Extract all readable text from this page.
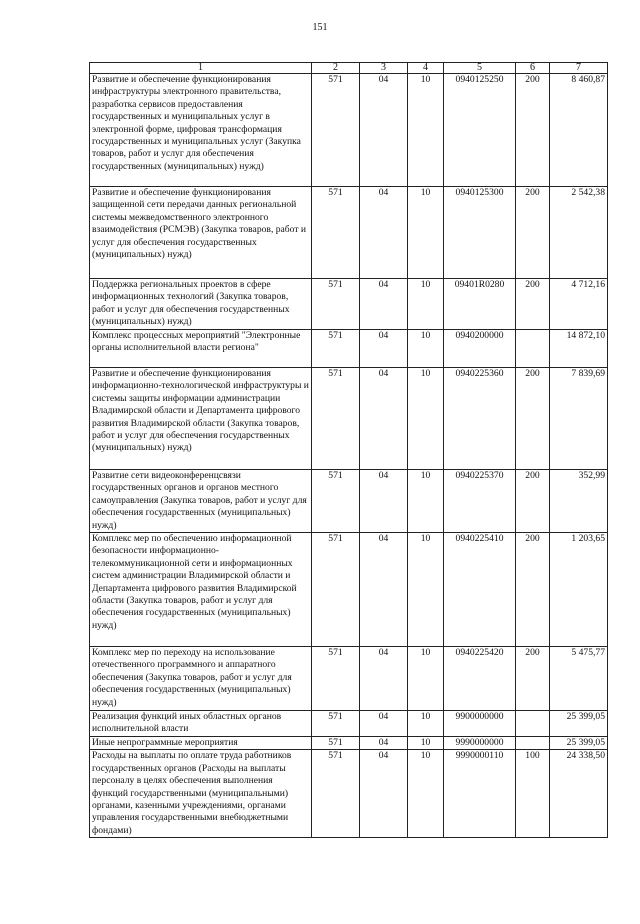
151
1	2	3	4	5	6	7
Развитие и обеспечение функционирования инфраструктуры электронного правительства, разработка сервисов предоставления государственных и муниципальных услуг в электронной форме, цифровая трансформация государственных и муниципальных услуг (Закупка товаров, работ и услуг для обеспечения государственных (муниципальных) нужд)	571	04	10	0940125250	200	8 460,87
Развитие и обеспечение функционирования защищенной сети передачи данных региональной системы межведомственного электронного взаимодействия (РСМЭВ) (Закупка товаров, работ и услуг для обеспечения государственных (муниципальных) нужд)	571	04	10	0940125300	200	2 542,38
Поддержка региональных проектов в сфере информационных технологий (Закупка товаров, работ и услуг для обеспечения государственных (муниципальных) нужд)	571	04	10	09401R0280	200	4 712,16
Комплекс процессных мероприятий "Электронные органы исполнительной власти региона"	571	04	10	0940200000		14 872,10
Развитие и обеспечение функционирования информационно-технологической инфраструктуры и системы защиты информации администрации Владимирской области и Департамента цифрового развития Владимирской области (Закупка товаров, работ и услуг для обеспечения государственных (муниципальных) нужд)	571	04	10	0940225360	200	7 839,69
Развитие сети видеоконференцсвязи государственных органов и органов местного самоуправления (Закупка товаров, работ и услуг для обеспечения государственных (муниципальных) нужд)	571	04	10	0940225370	200	352,99
Комплекс мер по обеспечению информационной безопасности информационно-телекоммуникационной сети и информационных систем администрации Владимирской области и Департамента цифрового развития Владимирской области (Закупка товаров, работ и услуг для обеспечения государственных (муниципальных) нужд)	571	04	10	0940225410	200	1 203,65
Комплекс мер по переходу на использование отечественного программного и аппаратного обеспечения (Закупка товаров, работ и услуг для обеспечения государственных (муниципальных) нужд)	571	04	10	0940225420	200	5 475,77
Реализация функций иных областных органов исполнительной власти	571	04	10	9900000000		25 399,05
Иные непрограммные мероприятия	571	04	10	9990000000		25 399,05
Расходы на выплаты по оплате труда работников государственных органов (Расходы на выплаты персоналу в целях обеспечения выполнения функций государственными (муниципальными) органами, казенными учреждениями, органами управления государственными внебюджетными фондами)	571	04	10	9990000110	100	24 338,50
